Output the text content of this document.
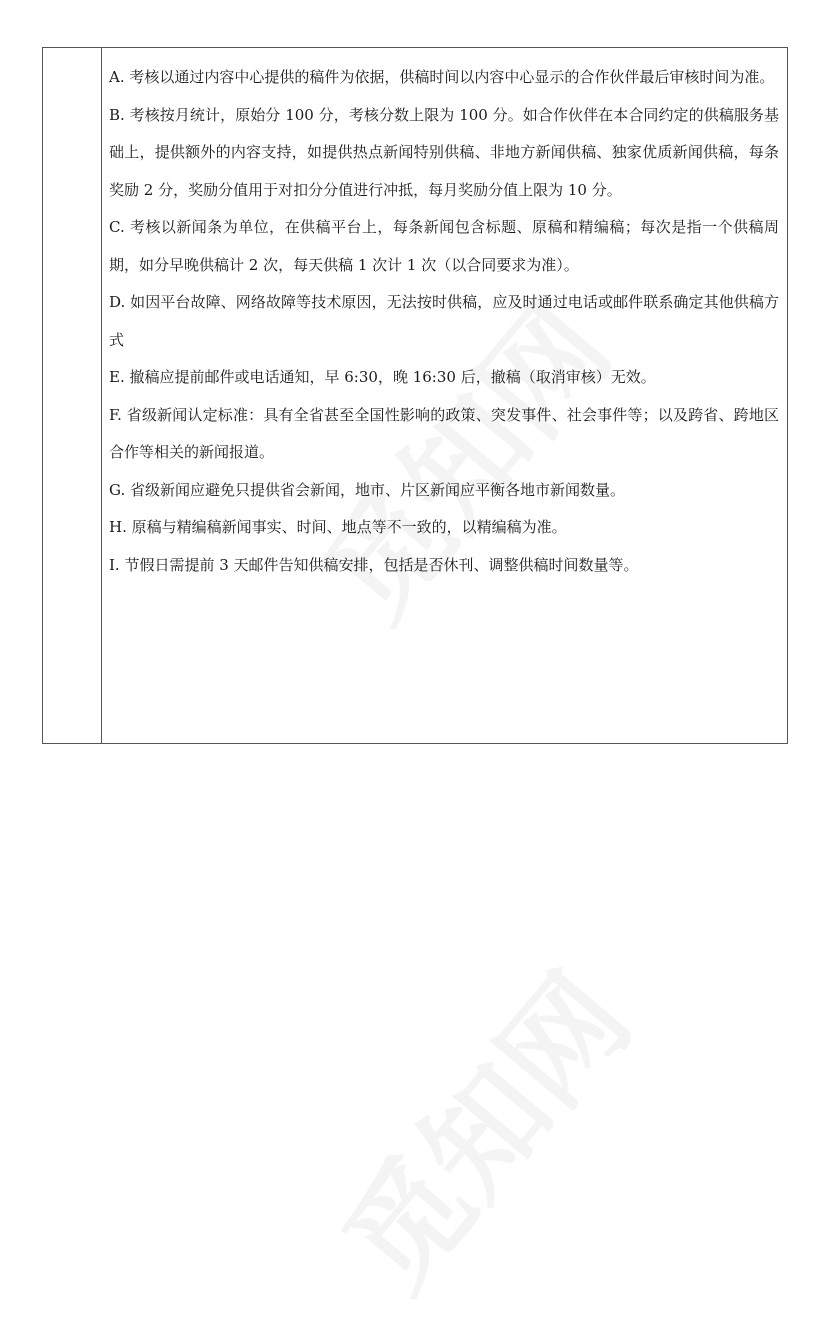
A. 考核以通过内容中心提供的稿件为依据，供稿时间以内容中心显示的合作伙伴最后审核时间为准。

B. 考核按月统计，原始分 100 分，考核分数上限为 100 分。如合作伙伴在本合同约定的供稿服务基础上，提供额外的内容支持，如提供热点新闻特别供稿、非地方新闻供稿、独家优质新闻供稿，每条奖励 2 分，奖励分值用于对扣分分值进行冲抵，每月奖励分值上限为 10 分。

C. 考核以新闻条为单位，在供稿平台上，每条新闻包含标题、原稿和精编稿；每次是指一个供稿周期，如分早晚供稿计 2 次，每天供稿 1 次计 1 次（以合同要求为准）。

D. 如因平台故障、网络故障等技术原因，无法按时供稿，应及时通过电话或邮件联系确定其他供稿方式

E. 撤稿应提前邮件或电话通知，早 6:30，晚 16:30 后，撤稿（取消审核）无效。

F. 省级新闻认定标准：具有全省甚至全国性影响的政策、突发事件、社会事件等；以及跨省、跨地区合作等相关的新闻报道。

G. 省级新闻应避免只提供省会新闻，地市、片区新闻应平衡各地市新闻数量。

H. 原稿与精编稿新闻事实、时间、地点等不一致的，以精编稿为准。

I. 节假日需提前 3 天邮件告知供稿安排，包括是否休刊、调整供稿时间数量等。
